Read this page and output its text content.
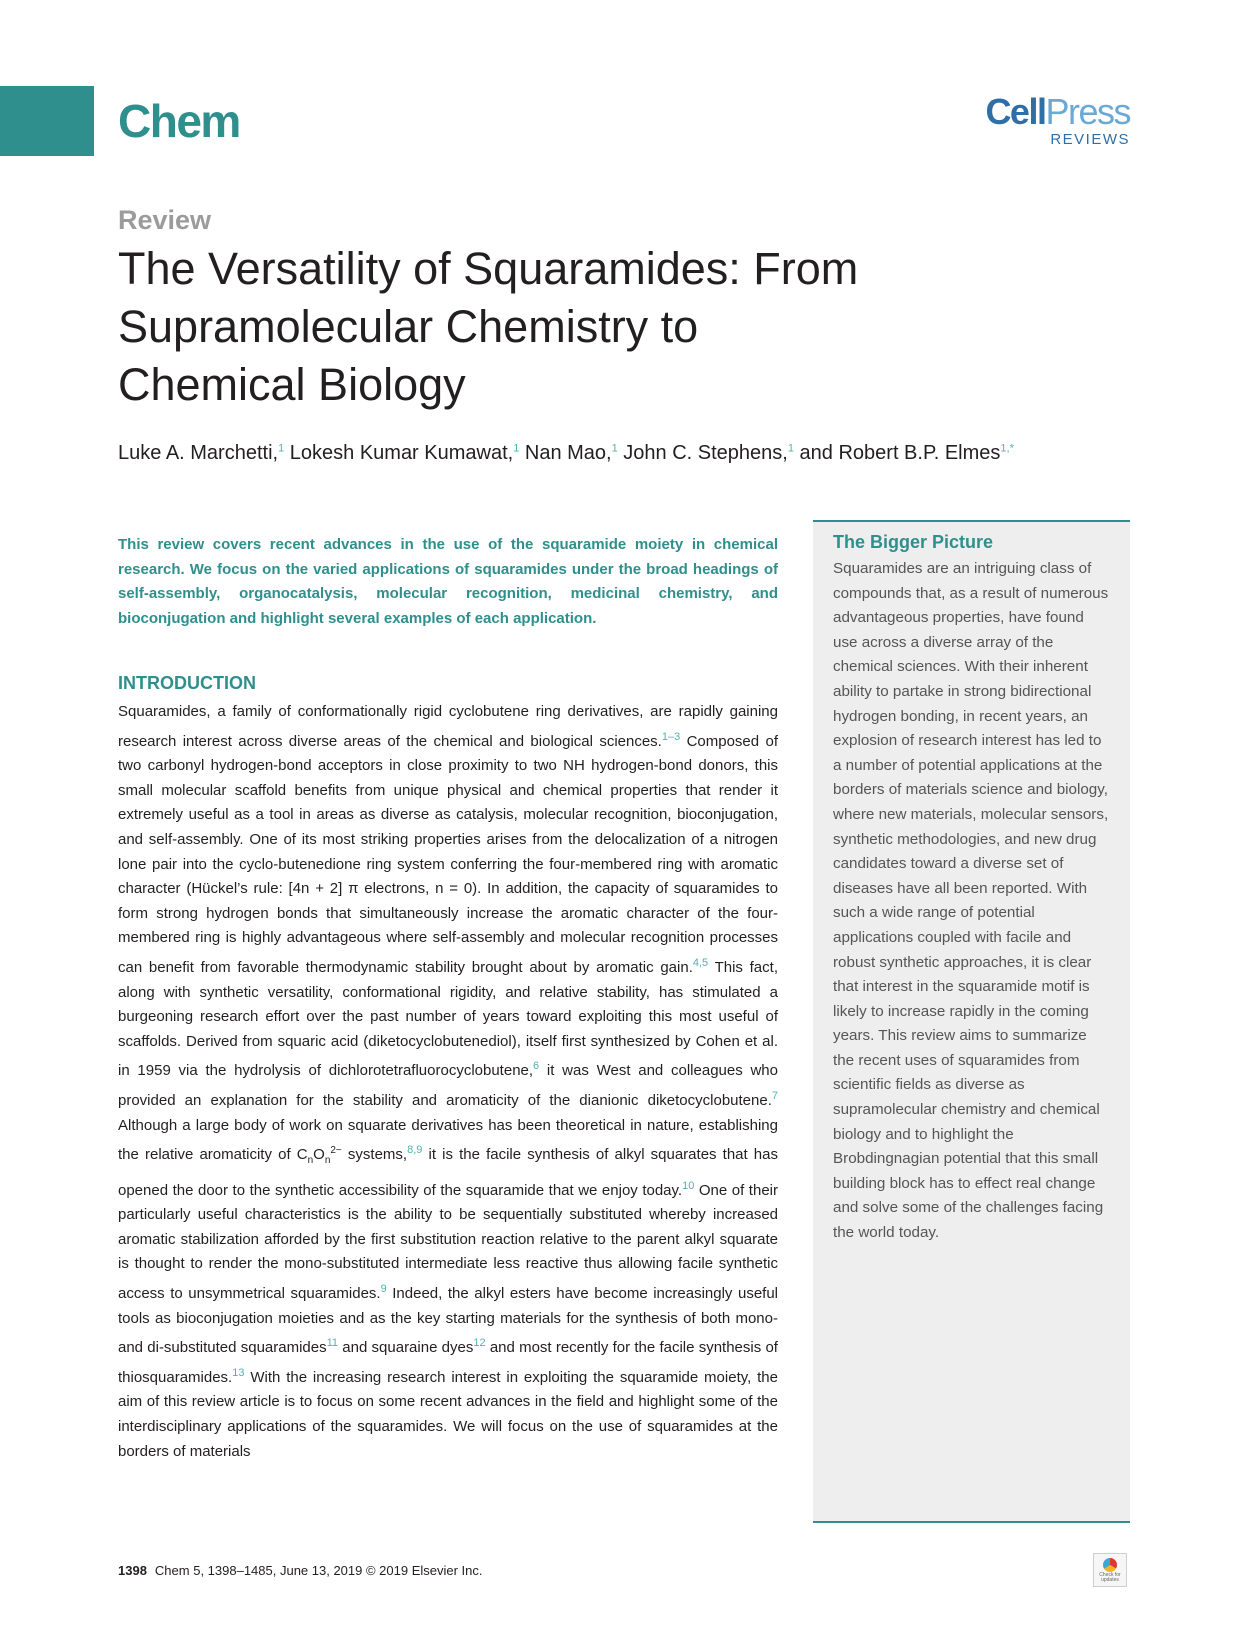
Chem	CellPress
REVIEWS
Review
The Versatility of Squaramides: From Supramolecular Chemistry to Chemical Biology
Luke A. Marchetti,$^1$ Lokesh Kumar Kumawat,$^1$ Nan Mao,$^1$ John C. Stephens,$^1$ and Robert B.P. Elmes$^{1,*}$

This review covers recent advances in the use of the squaramide moiety in chemical research. We focus on the varied applications of squaramides under the broad headings of self-assembly, organocatalysis, molecular recognition, medicinal chemistry, and bioconjugation and highlight several examples of each application.

INTRODUCTION

Squaramides, a family of conformationally rigid cyclobutene ring derivatives, are rapidly gaining research interest across diverse areas of the chemical and biological sciences.$^{1-3}$ Composed of two carbonyl hydrogen-bond acceptors in close proximity to two NH hydrogen-bond donors, this small molecular scaffold benefits from unique physical and chemical properties that render it extremely useful as a tool in areas as diverse as catalysis, molecular recognition, bioconjugation, and self-assembly. One of its most striking properties arises from the delocalization of a nitrogen lone pair into the cyclo-butenedione ring system conferring the four-membered ring with aromatic character (Hückel’s rule: [4n + 2] π electrons, n = 0). In addition, the capacity of squaramides to form strong hydrogen bonds that simultaneously increase the aromatic character of the four-membered ring is highly advantageous where self-assembly and molecular recognition processes can benefit from favorable thermodynamic stability brought about by aromatic gain.$^{4,5}$ This fact, along with synthetic versatility, conformational rigidity, and relative stability, has stimulated a burgeoning research effort over the past number of years toward exploiting this most useful of scaffolds. Derived from squaric acid (diketocyclobutenediol), itself first synthesized by Cohen et al. in 1959 via the hydrolysis of dichlorotetrafluorocyclobutene,$^6$ it was West and colleagues who provided an explanation for the stability and aromaticity of the dianionic diketocyclobutene.$^7$ Although a large body of work on squarate derivatives has been theoretical in nature, establishing the relative aromaticity of $C_nO_n^{2-}$ systems,$^{8,9}$ it is the facile synthesis of alkyl squarates that has opened the door to the synthetic accessibility of the squaramide that we enjoy today.$^{10}$ One of their particularly useful characteristics is the ability to be sequentially substituted whereby increased aromatic stabilization afforded by the first substitution reaction relative to the parent alkyl squarate is thought to render the mono-substituted intermediate less reactive thus allowing facile synthetic access to unsymmetrical squaramides.$^9$ Indeed, the alkyl esters have become increasingly useful tools as bioconjugation moieties and as the key starting materials for the synthesis of both mono- and di-substituted squaramides$^{11}$ and squaraine dyes$^{12}$ and most recently for the facile synthesis of thiosquaramides.$^{13}$ With the increasing research interest in exploiting the squaramide moiety, the aim of this review article is to focus on some recent advances in the field and highlight some of the interdisciplinary applications of the squaramides. We will focus on the use of squaramides at the borders of materials

The Bigger Picture

Squaramides are an intriguing class of compounds that, as a result of numerous advantageous properties, have found use across a diverse array of the chemical sciences. With their inherent ability to partake in strong bidirectional hydrogen bonding, in recent years, an explosion of research interest has led to a number of potential applications at the borders of materials science and biology, where new materials, molecular sensors, synthetic methodologies, and new drug candidates toward a diverse set of diseases have all been reported. With such a wide range of potential applications coupled with facile and robust synthetic approaches, it is clear that interest in the squaramide motif is likely to increase rapidly in the coming years. This review aims to summarize the recent uses of squaramides from scientific fields as diverse as supramolecular chemistry and chemical biology and to highlight the Brobdingnagian potential that this small building block has to effect real change and solve some of the challenges facing the world today.

1398 Chem 5, 1398–1485, June 13, 2019 © 2019 Elsevier Inc.	Check for updates
